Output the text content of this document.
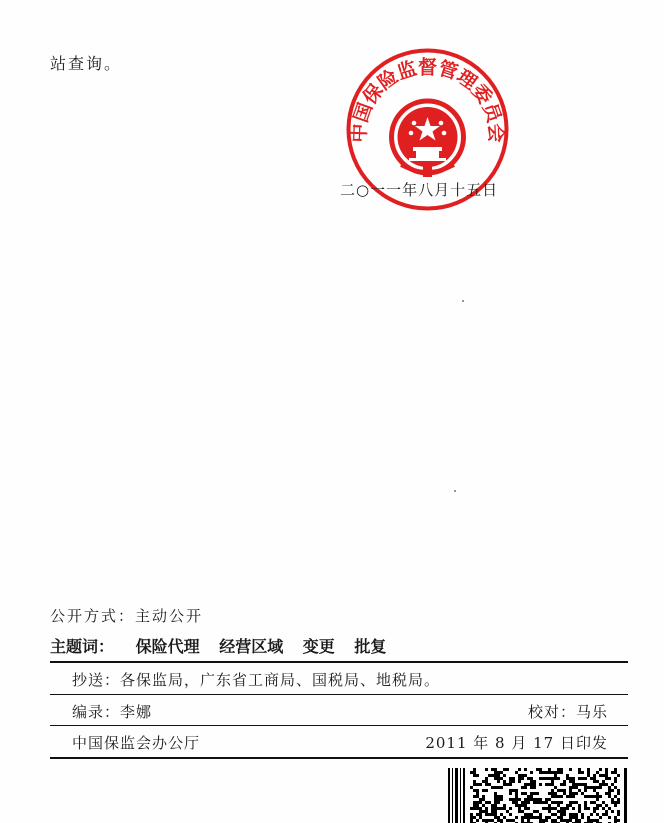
站查询。
中国保险监督管理委员会
二○一一年八月十五日
公开方式：主动公开
主题词： 保险代理 经营区域 变更 批复
抄送：各保监局，广东省工商局、国税局、地税局。
编录：李娜	校对：马乐
中国保监会办公厅	2011 年 8 月 17 日印发
